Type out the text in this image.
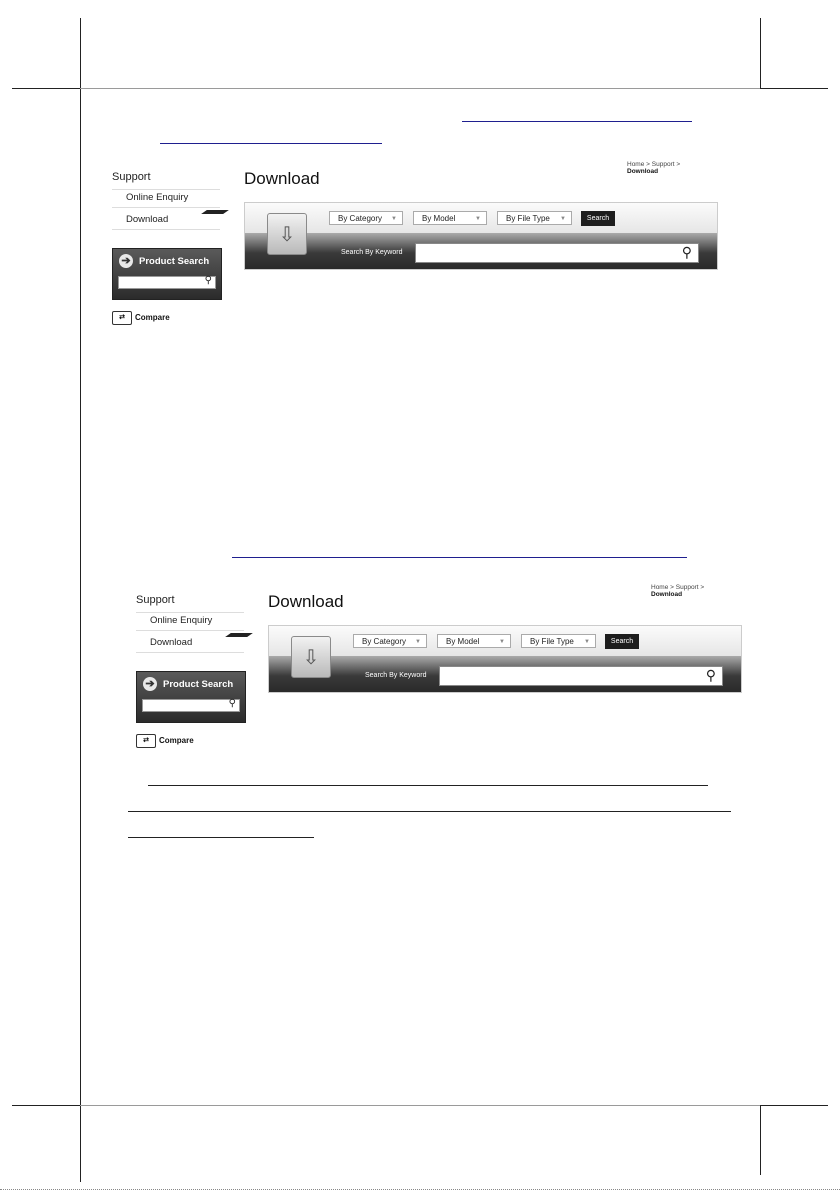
Support
Online Enquiry
Download
➔ Product Search
⚲
⇄ Compare
Home > Support > Download
Download
⇩
By Category ▼	By Model	▼	By File Type ▼	Search
Search By Keyword	⚲
Support
Online Enquiry
Download
➔ Product Search
⚲
⇄ Compare
Home > Support > Download
Download
⇩
By Category ▼	By Model	▼	By File Type ▼	Search
Search By Keyword	⚲
